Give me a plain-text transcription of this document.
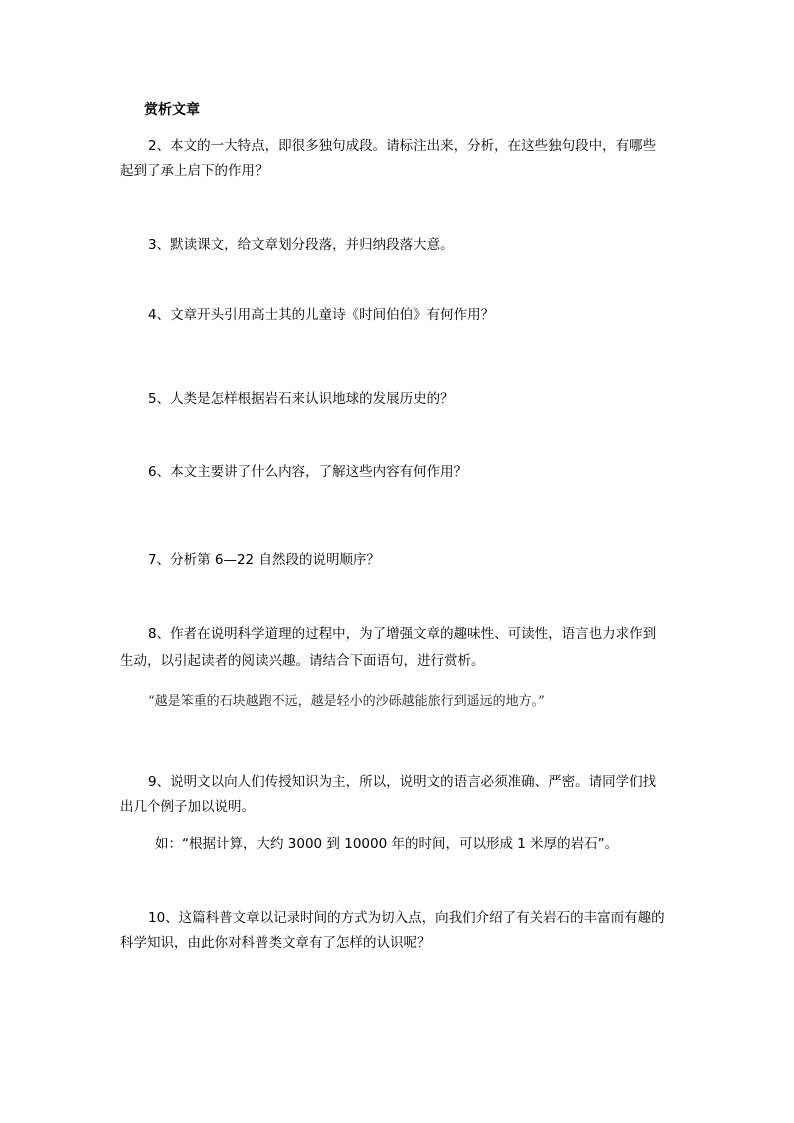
赏析文章
2、本文的一大特点，即很多独句成段。请标注出来，分析，在这些独句段中，有哪些
起到了承上启下的作用？
3、默读课文，给文章划分段落，并归纳段落大意。
4、文章开头引用高士其的儿童诗《时间伯伯》有何作用？
5、人类是怎样根据岩石来认识地球的发展历史的？
6、本文主要讲了什么内容，了解这些内容有何作用？
7、分析第 6—22 自然段的说明顺序？
8、作者在说明科学道理的过程中，为了增强文章的趣味性、可读性，语言也力求作到
生动，以引起读者的阅读兴趣。请结合下面语句，进行赏析。
“越是笨重的石块越跑不远，越是轻小的沙砾越能旅行到遥远的地方。”
9、说明文以向人们传授知识为主，所以，说明文的语言必须准确、严密。请同学们找
出几个例子加以说明。
如：“根据计算，大约 3000 到 10000 年的时间，可以形成 1 米厚的岩石”。
10、这篇科普文章以记录时间的方式为切入点，向我们介绍了有关岩石的丰富而有趣的
科学知识，由此你对科普类文章有了怎样的认识呢？
